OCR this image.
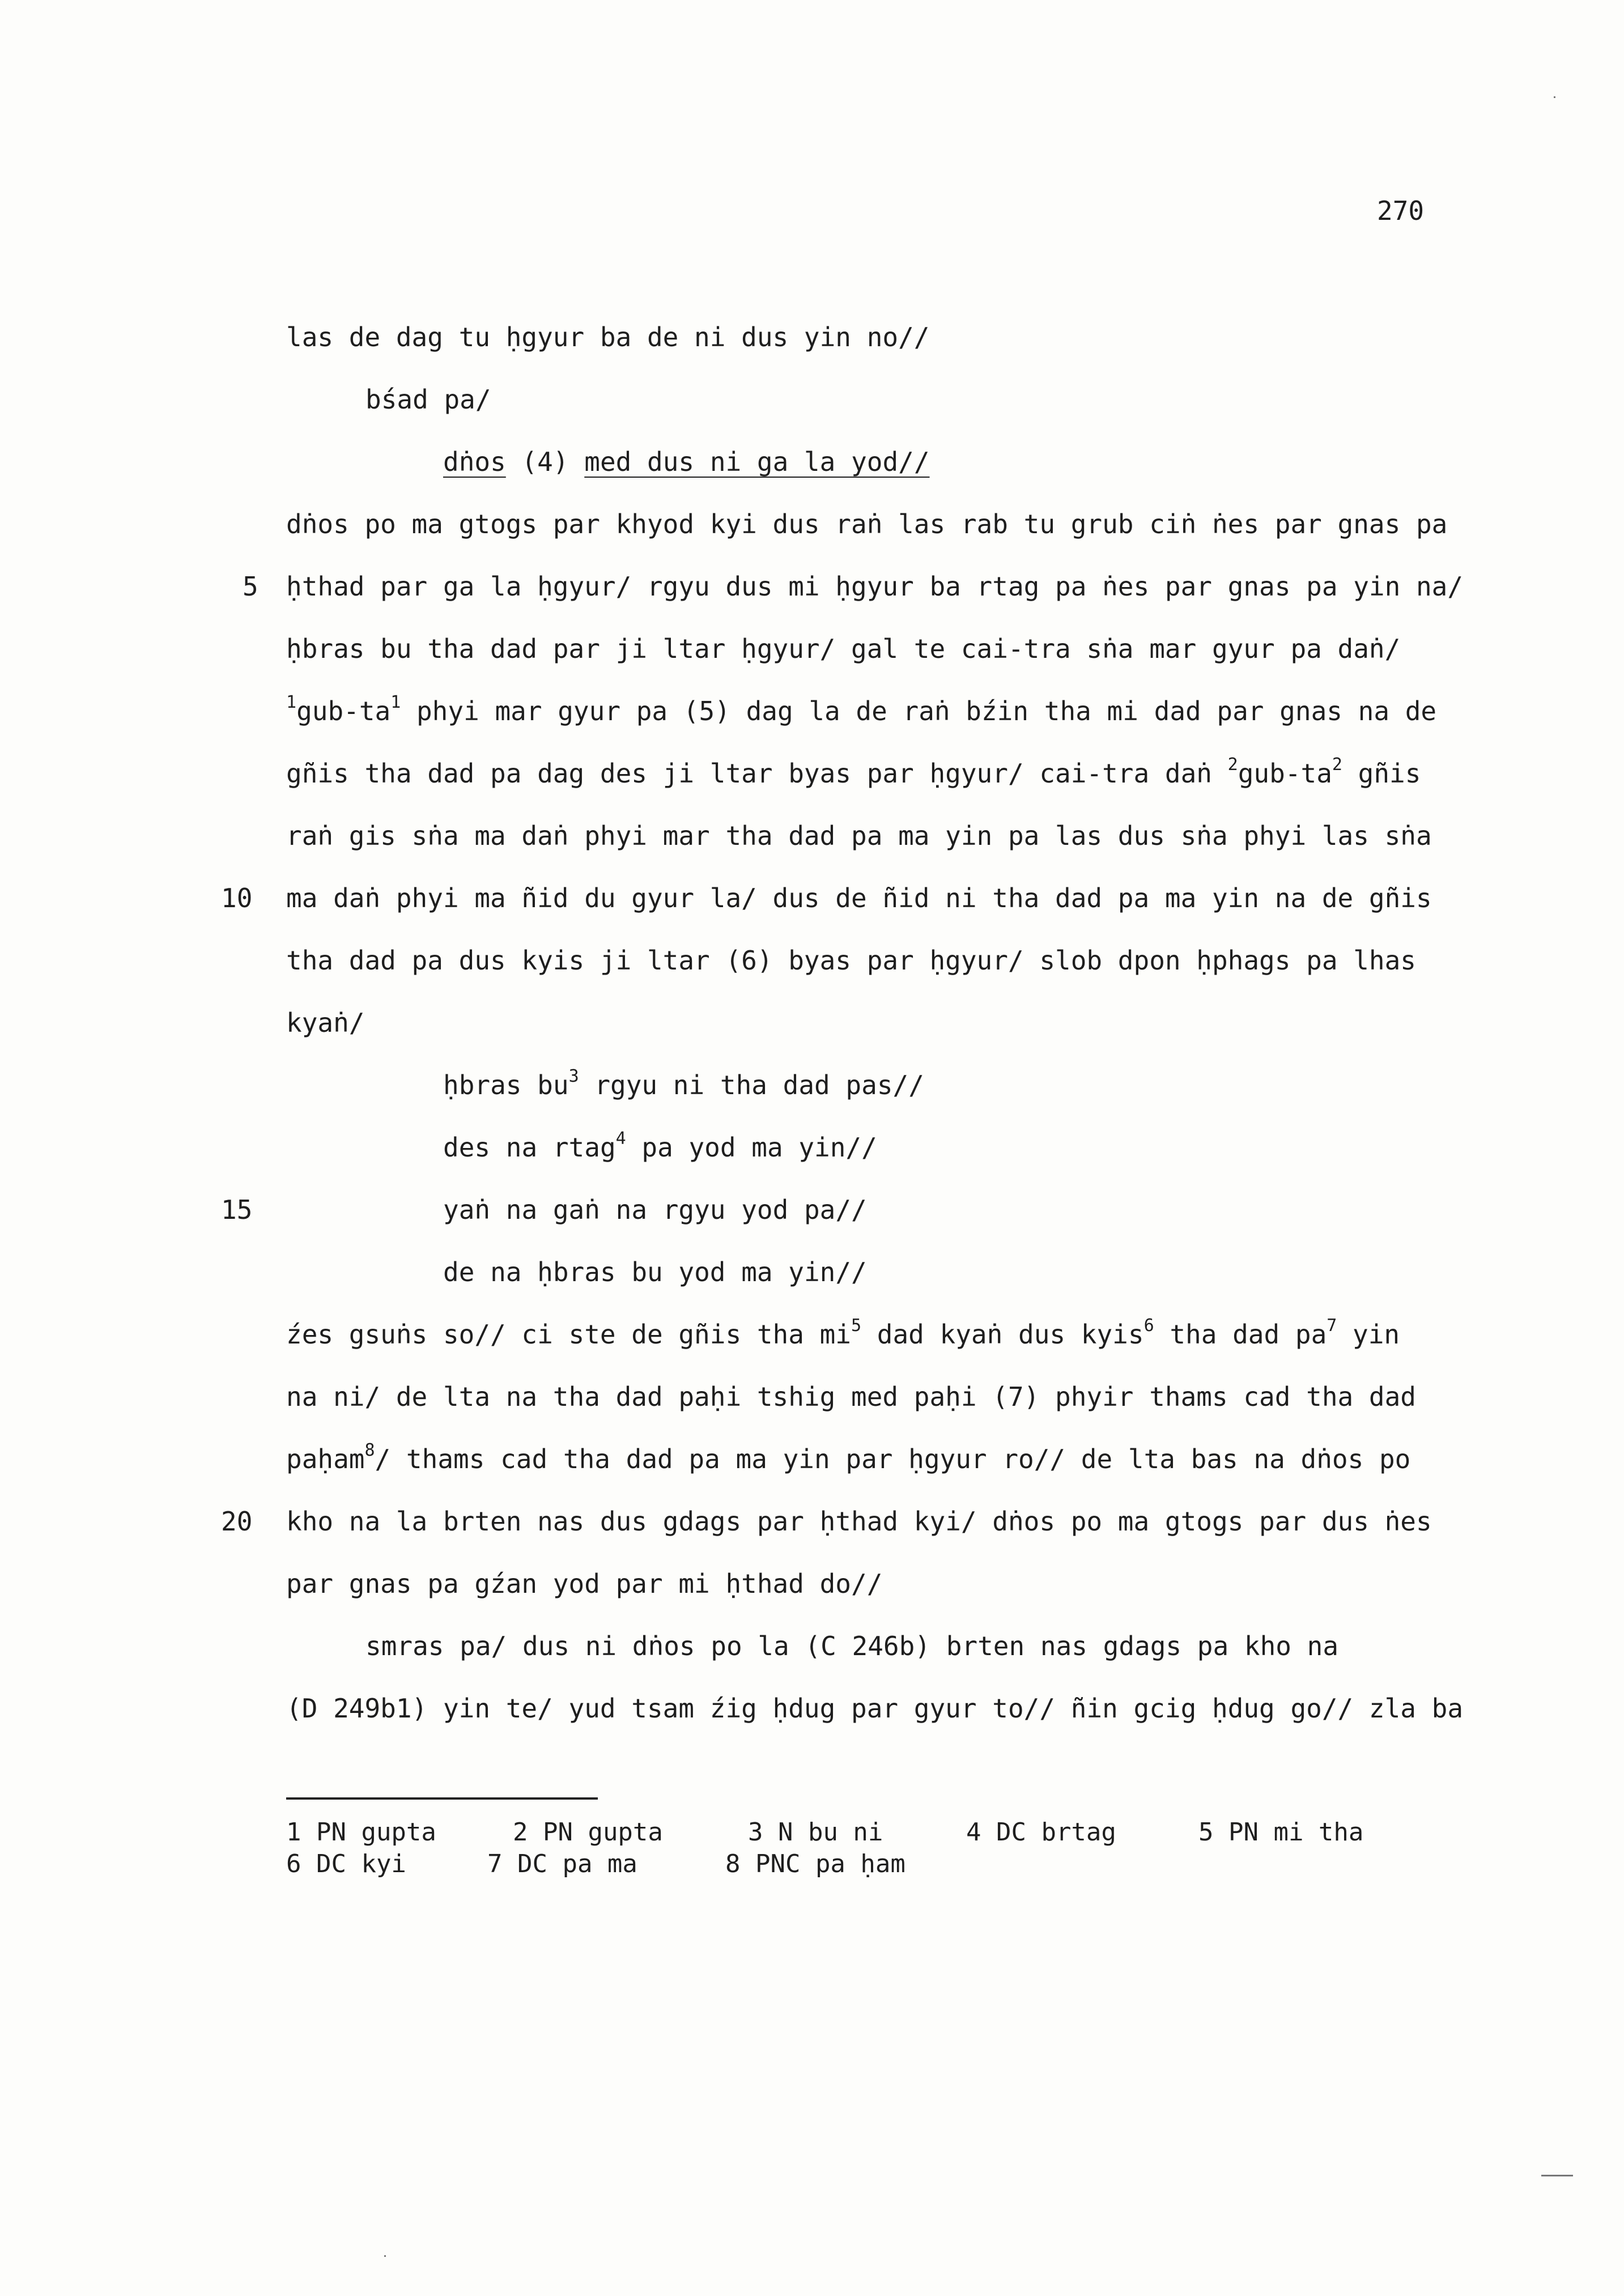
270
las de dag tu ḥgyur ba de ni dus yin no//
bśad pa/
dṅos (4) med dus ni ga la yod//
dṅos po ma gtogs par khyod kyi dus raṅ las rab tu grub ciṅ ṅes par gnas pa
ḥthad par ga la ḥgyur/ rgyu dus mi ḥgyur ba rtag pa ṅes par gnas pa yin na/
5
ḥbras bu tha dad par ji ltar ḥgyur/ gal te cai-tra sṅa mar gyur pa daṅ/
$^1gub-ta^1$ phyi mar gyur pa (5) dag la de raṅ bźin tha mi dad par gnas na de
gñis tha dad pa dag des ji ltar byas par ḥgyur/ cai-tra daṅ $^2gub-ta^2$ gñis
raṅ gis sṅa ma daṅ phyi mar tha dad pa ma yin pa las dus sṅa phyi las sṅa
ma daṅ phyi ma ñid du gyur la/ dus de ñid ni tha dad pa ma yin na de gñis
10
tha dad pa dus kyis ji ltar (6) byas par ḥgyur/ slob dpon ḥphags pa lhas
kyaṅ/
ḥbras $bu^3$ rgyu ni tha dad pas//
des na rtag$^4$ pa yod ma yin//
yaṅ na gaṅ na rgyu yod pa//
15
de na ḥbras bu yod ma yin//
źes gsuṅs so// ci ste de gñis tha $mi^5$ dad kyaṅ dus kyis$^6$ tha dad $pa^7$ yin
na ni/ de lta na tha dad paḥi tshig med paḥi (7) phyir thams cad tha dad
paḥam$^8$/ thams cad tha dad pa ma yin par ḥgyur ro// de lta bas na dṅos po
kho na la brten nas dus gdags par ḥthad kyi/ dṅos po ma gtogs par dus ṅes
20
par gnas pa gźan yod par mi ḥthad do//
smras pa/ dus ni dṅos po la (C 246b) brten nas gdags pa kho na
(D 249b1) yin te/ yud tsam źig ḥdug par gyur to// ñin gcig ḥdug go// zla ba
1 PN gupta	2 PN gupta	3 N bu ni	4 DC brtag	5 PN mi tha
6 DC kyi	7 DC pa ma	8 PNC pa ḥam
